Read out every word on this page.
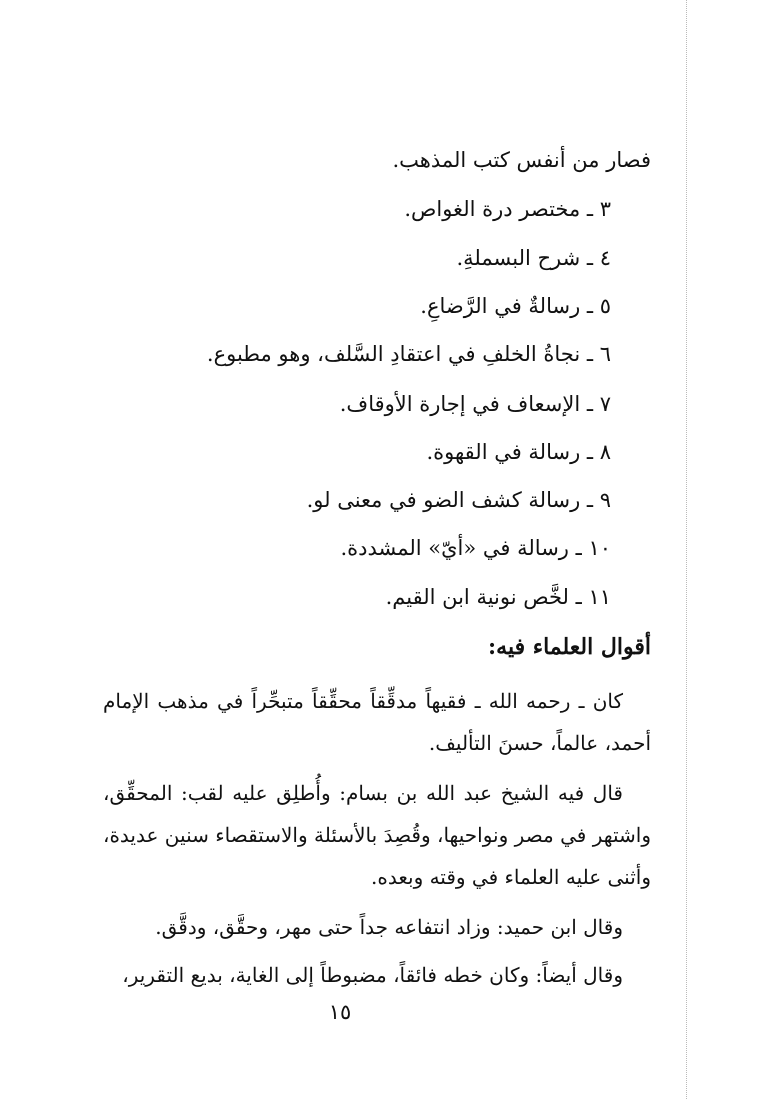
فصار من أنفس كتب المذهب.
٣ ـ مختصر درة الغواص.
٤ ـ شرح البسملةِ.
٥ ـ رسالةٌ في الرَّضاعِ.
٦ ـ نجاةُ الخلفِ في اعتقادِ السَّلف، وهو مطبوع.
٧ ـ الإسعاف في إجارة الأوقاف.
٨ ـ رسالة في القهوة.
٩ ـ رسالة كشف الضو في معنى لو.
١٠ ـ رسالة في «أيّ» المشددة.
١١ ـ لخَّص نونية ابن القيم.
أقوال العلماء فيه:
كان ـ رحمه الله ـ فقيهاً مدقِّقاً محقِّقاً متبحِّراً في مذهب الإمام أحمد، عالماً، حسنَ التأليف.
قال فيه الشيخ عبد الله بن بسام: وأُطلِق عليه لقب: المحقِّق، واشتهر في مصر ونواحيها، وقُصِدَ بالأسئلة والاستقصاء سنين عديدة، وأثنى عليه العلماء في وقته وبعده.
وقال ابن حميد: وزاد انتفاعه جداً حتى مهر، وحقَّق، ودقَّق.
وقال أيضاً: وكان خطه فائقاً، مضبوطاً إلى الغاية، بديع التقرير،
١٥
